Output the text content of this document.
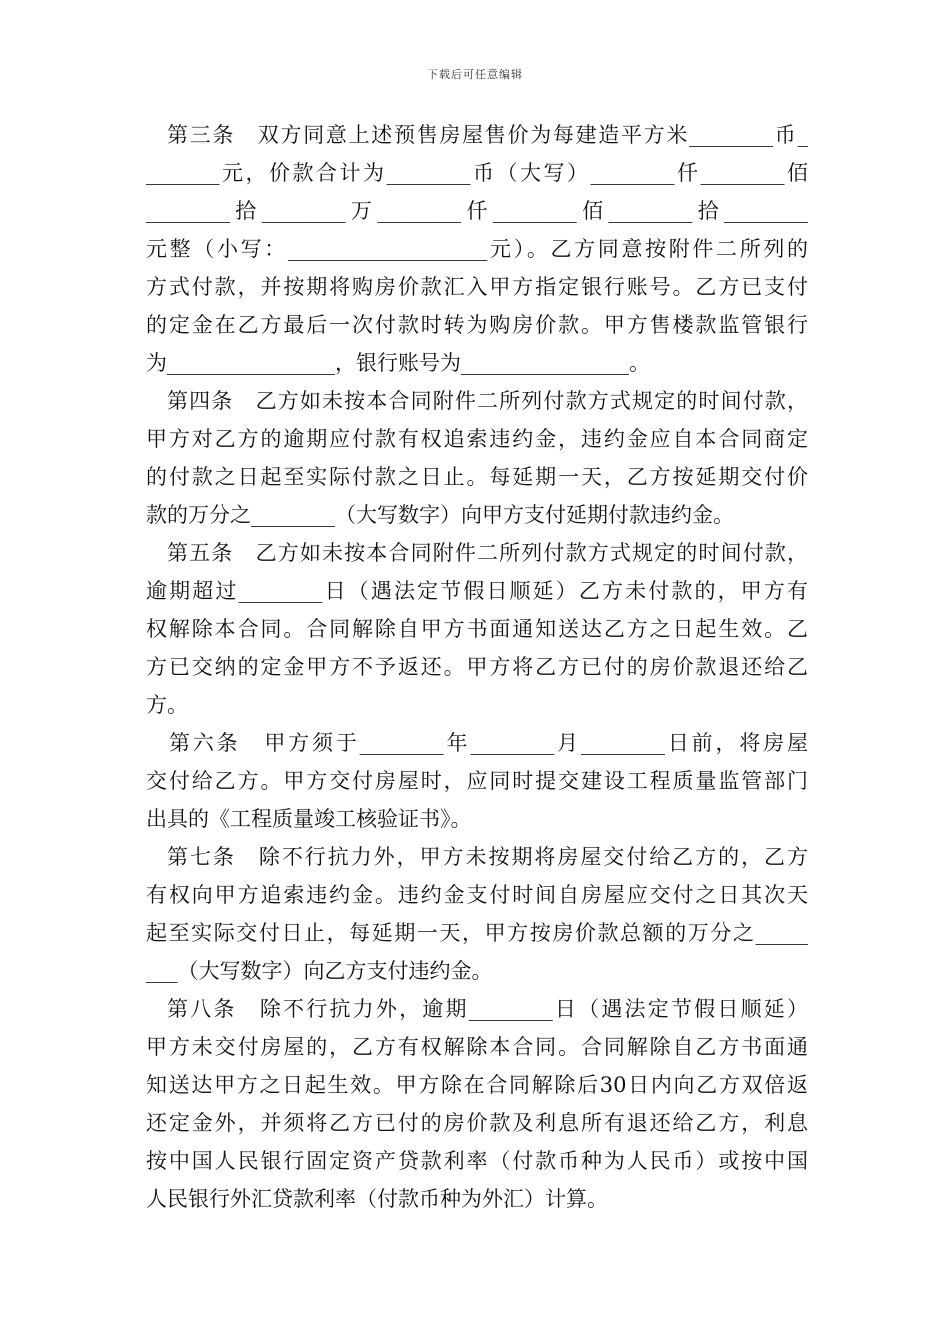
下载后可任意编辑
第三条　双方同意上述预售房屋售价为每建造平方米________币_
_______元，价款合计为________币（大写）________仟________佰
________拾________万________仟________佰________拾________
元整（小写：___________________元）。乙方同意按附件二所列的
方式付款，并按期将购房价款汇入甲方指定银行账号。乙方已支付
的定金在乙方最后一次付款时转为购房价款。甲方售楼款监管银行
为________________，银行账号为________________。
第四条　乙方如未按本合同附件二所列付款方式规定的时间付款，
甲方对乙方的逾期应付款有权追索违约金，违约金应自本合同商定
的付款之日起至实际付款之日止。每延期一天，乙方按延期交付价
款的万分之________（大写数字）向甲方支付延期付款违约金。
第五条　乙方如未按本合同附件二所列付款方式规定的时间付款，
逾期超过________日（遇法定节假日顺延）乙方未付款的，甲方有
权解除本合同。合同解除自甲方书面通知送达乙方之日起生效。乙
方已交纳的定金甲方不予返还。甲方将乙方已付的房价款退还给乙
方。
第六条　甲方须于________年________月________日前，将房屋
交付给乙方。甲方交付房屋时，应同时提交建设工程质量监管部门
出具的《工程质量竣工核验证书》。
第七条　除不行抗力外，甲方未按期将房屋交付给乙方的，乙方
有权向甲方追索违约金。违约金支付时间自房屋应交付之日其次天
起至实际交付日止，每延期一天，甲方按房价款总额的万分之_____
___（大写数字）向乙方支付违约金。
第八条　除不行抗力外，逾期________日（遇法定节假日顺延）
甲方未交付房屋的，乙方有权解除本合同。合同解除自乙方书面通
知送达甲方之日起生效。甲方除在合同解除后30日内向乙方双倍返
还定金外，并须将乙方已付的房价款及利息所有退还给乙方，利息
按中国人民银行固定资产贷款利率（付款币种为人民币）或按中国
人民银行外汇贷款利率（付款币种为外汇）计算。
